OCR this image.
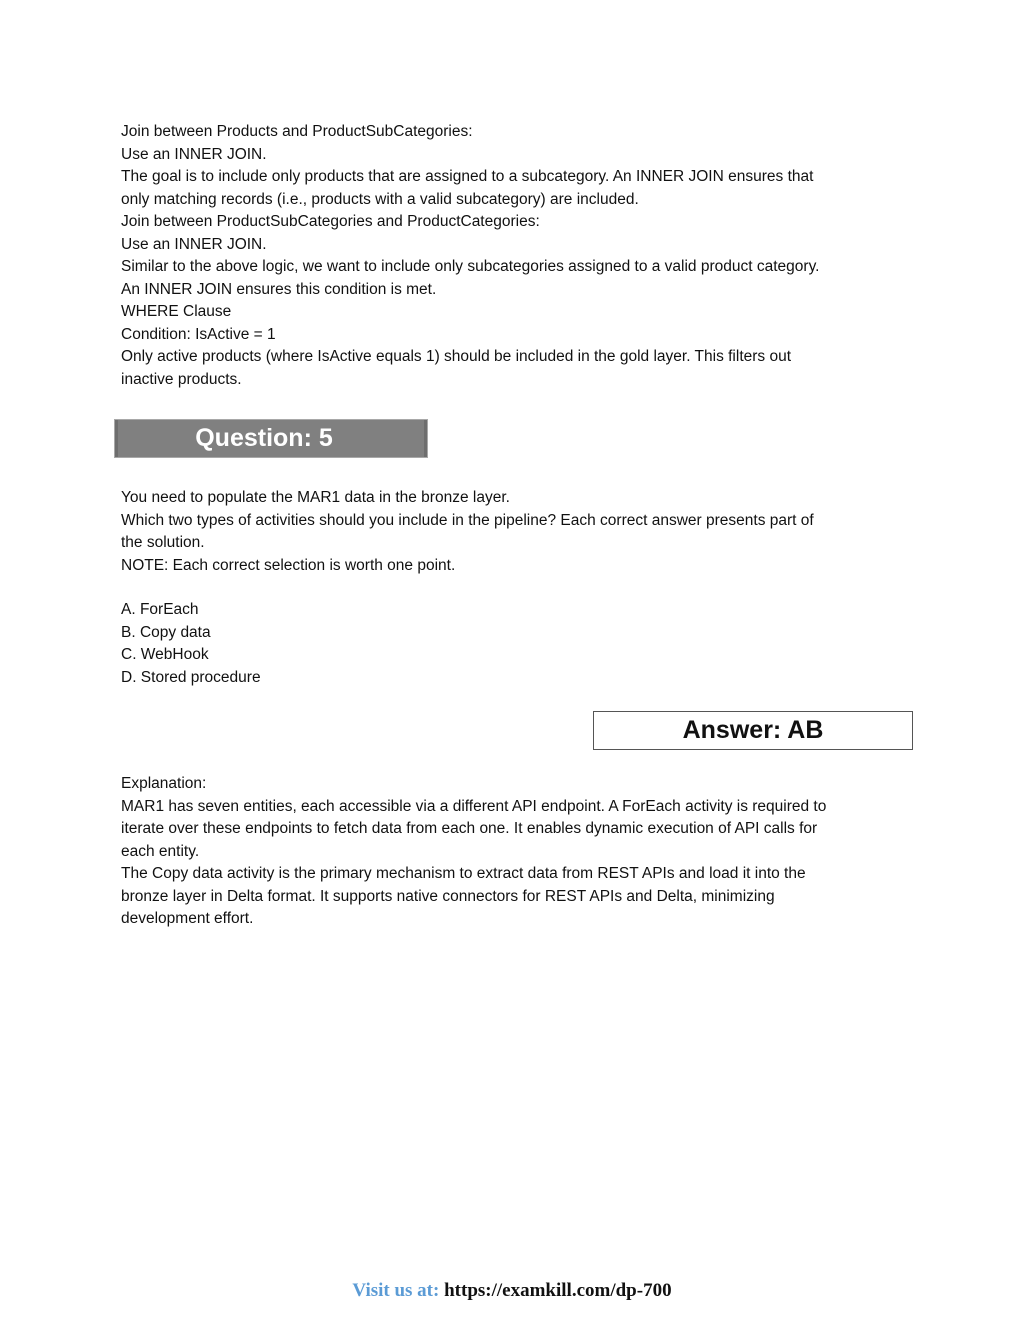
Join between Products and ProductSubCategories:
Use an INNER JOIN.
The goal is to include only products that are assigned to a subcategory. An INNER JOIN ensures that
only matching records (i.e., products with a valid subcategory) are included.
Join between ProductSubCategories and ProductCategories:
Use an INNER JOIN.
Similar to the above logic, we want to include only subcategories assigned to a valid product category.
An INNER JOIN ensures this condition is met.
WHERE Clause
Condition: IsActive = 1
Only active products (where IsActive equals 1) should be included in the gold layer. This filters out
inactive products.
Question: 5
You need to populate the MAR1 data in the bronze layer.
Which two types of activities should you include in the pipeline? Each correct answer presents part of
the solution.
NOTE: Each correct selection is worth one point.
A. ForEach
B. Copy data
C. WebHook
D. Stored procedure
Answer: AB
Explanation:
MAR1 has seven entities, each accessible via a different API endpoint. A ForEach activity is required to
iterate over these endpoints to fetch data from each one. It enables dynamic execution of API calls for
each entity.
The Copy data activity is the primary mechanism to extract data from REST APIs and load it into the
bronze layer in Delta format. It supports native connectors for REST APIs and Delta, minimizing
development effort.
Visit us at: https://examkill.com/dp-700
